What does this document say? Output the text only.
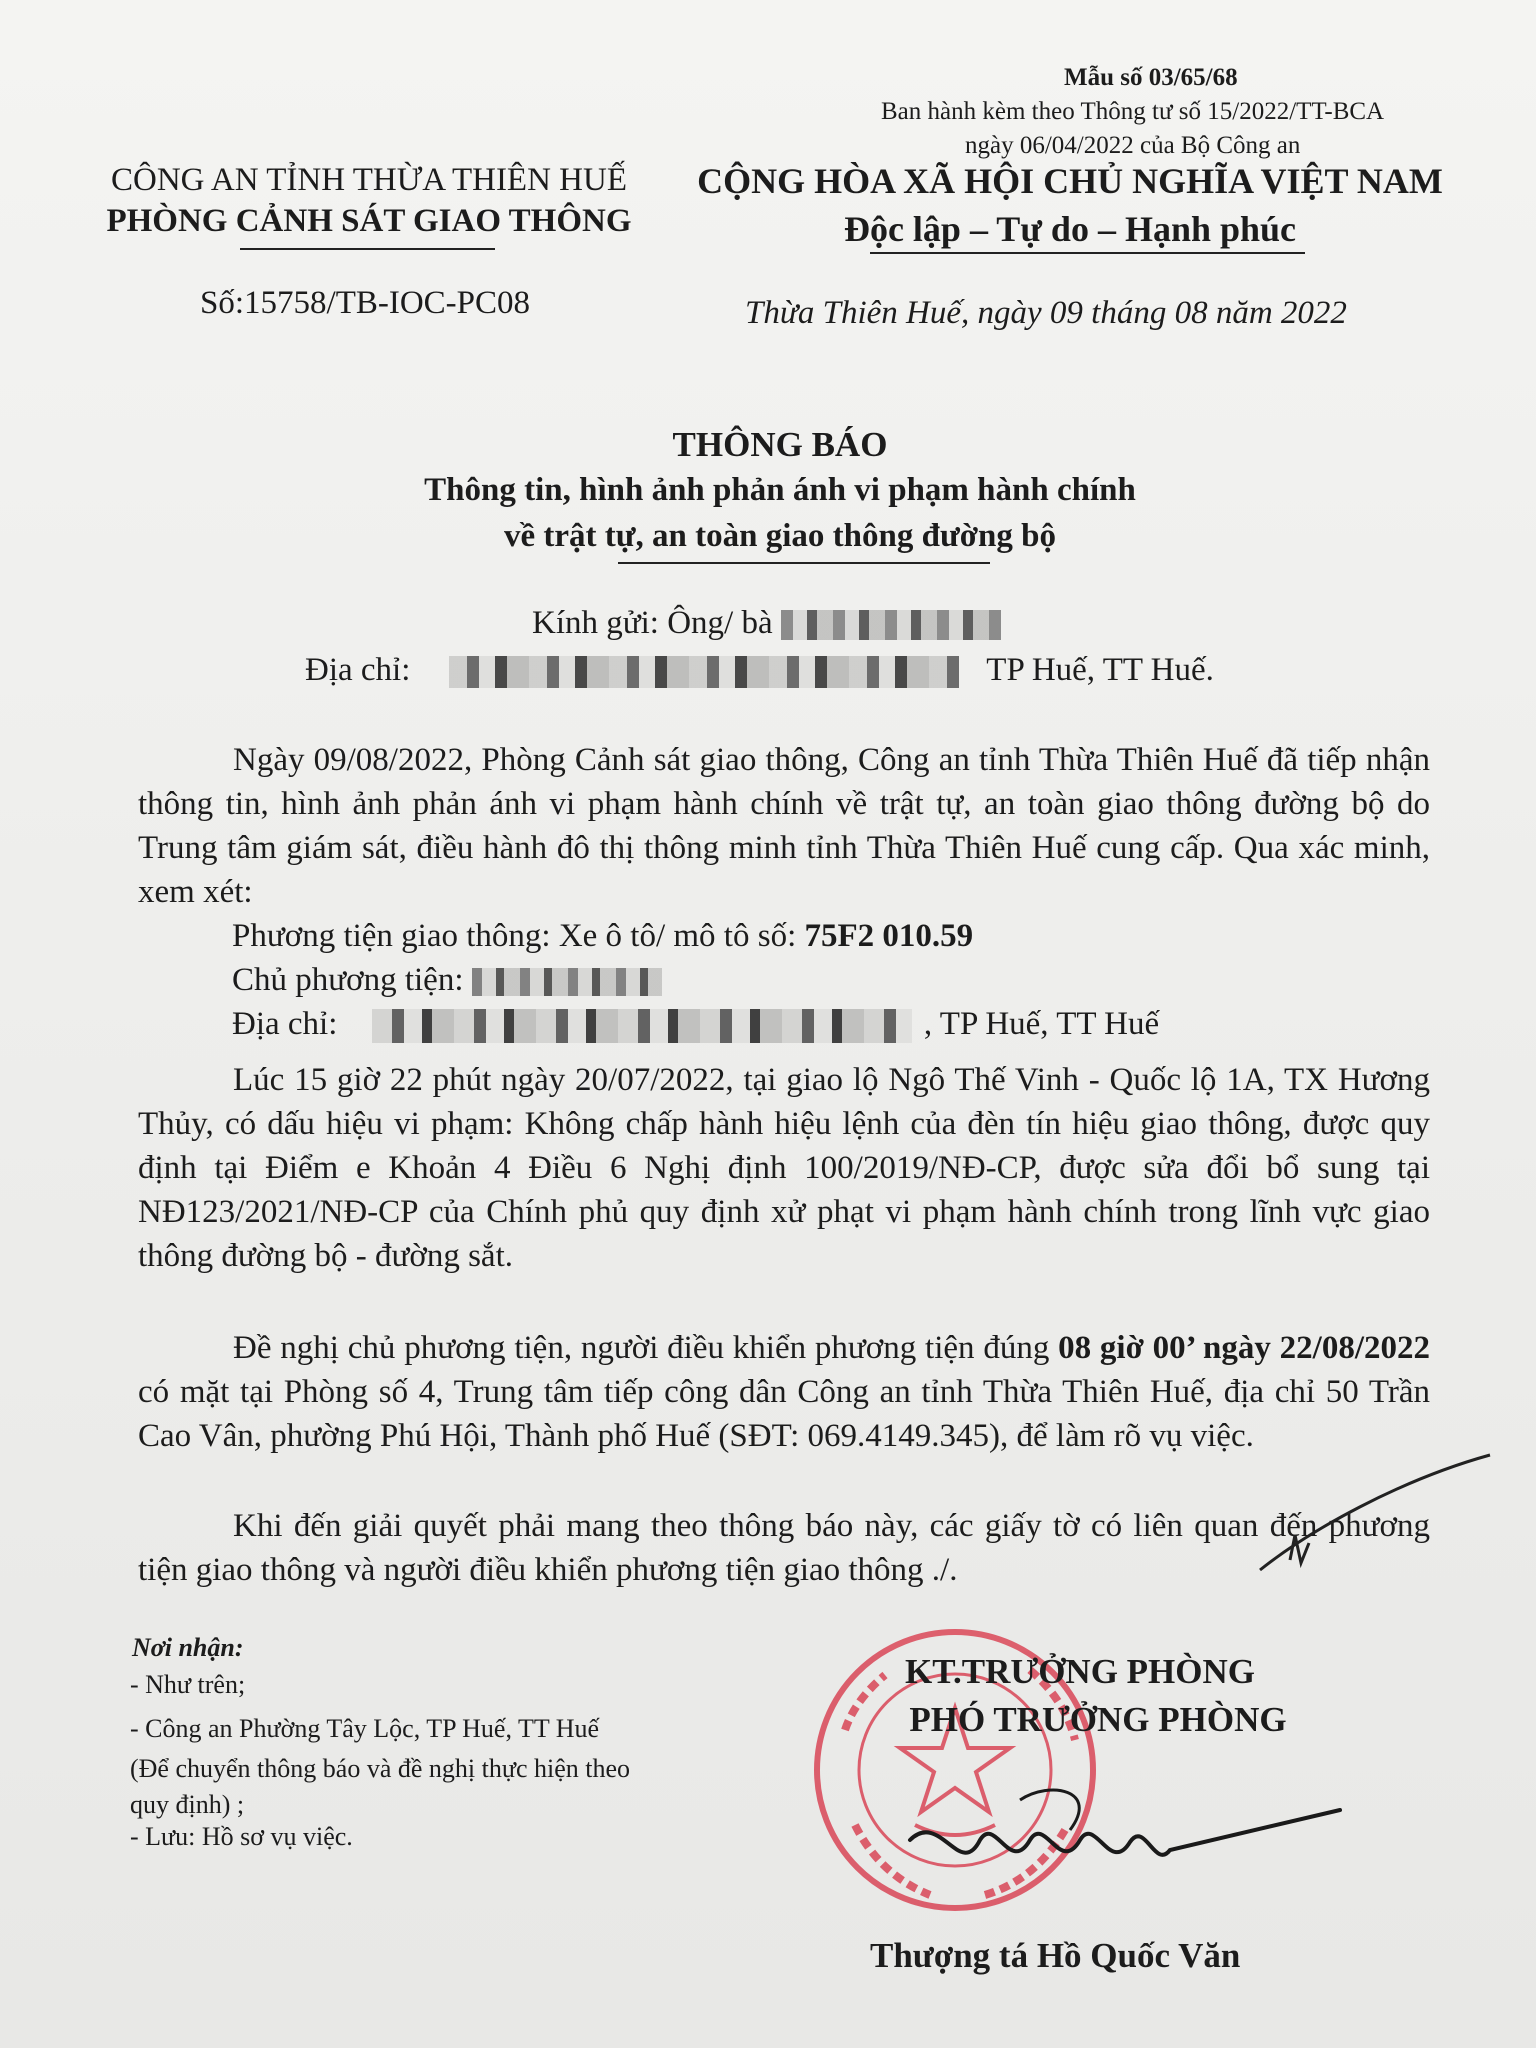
Mẫu số 03/65/68
Ban hành kèm theo Thông tư số 15/2022/TT-BCA
ngày 06/04/2022 của Bộ Công an
CÔNG AN TỈNH THỪA THIÊN HUẾ
PHÒNG CẢNH SÁT GIAO THÔNG
Số:15758/TB-IOC-PC08
CỘNG HÒA XÃ HỘI CHỦ NGHĨA VIỆT NAM
Độc lập – Tự do – Hạnh phúc
Thừa Thiên Huế, ngày 09 tháng 08 năm 2022
THÔNG BÁO
Thông tin, hình ảnh phản ánh vi phạm hành chính
về trật tự, an toàn giao thông đường bộ
Kính gửi: Ông/ bà
Địa chỉ:	TP Huế, TT Huế.
Ngày 09/08/2022, Phòng Cảnh sát giao thông, Công an tỉnh Thừa Thiên Huế đã tiếp nhận thông tin, hình ảnh phản ánh vi phạm hành chính về trật tự, an toàn giao thông đường bộ do Trung tâm giám sát, điều hành đô thị thông minh tỉnh Thừa Thiên Huế cung cấp. Qua xác minh, xem xét:
Phương tiện giao thông: Xe ô tô/ mô tô số: 75F2 010.59
Chủ phương tiện:
Địa chỉ:	, TP Huế, TT Huế
Lúc 15 giờ 22 phút ngày 20/07/2022, tại giao lộ Ngô Thế Vinh - Quốc lộ 1A, TX Hương Thủy, có dấu hiệu vi phạm: Không chấp hành hiệu lệnh của đèn tín hiệu giao thông, được quy định tại Điểm e Khoản 4 Điều 6 Nghị định 100/2019/NĐ-CP, được sửa đổi bổ sung tại NĐ123/2021/NĐ-CP của Chính phủ quy định xử phạt vi phạm hành chính trong lĩnh vực giao thông đường bộ - đường sắt.
Đề nghị chủ phương tiện, người điều khiển phương tiện đúng 08 giờ 00’ ngày 22/08/2022 có mặt tại Phòng số 4, Trung tâm tiếp công dân Công an tỉnh Thừa Thiên Huế, địa chỉ 50 Trần Cao Vân, phường Phú Hội, Thành phố Huế (SĐT: 069.4149.345), để làm rõ vụ việc.
Khi đến giải quyết phải mang theo thông báo này, các giấy tờ có liên quan đến phương tiện giao thông và người điều khiển phương tiện giao thông ./.
Nơi nhận:
- Như trên;
- Công an Phường Tây Lộc, TP Huế, TT Huế
(Để chuyển thông báo và đề nghị thực hiện theo
quy định) ;
- Lưu: Hồ sơ vụ việc.
KT.TRƯỞNG PHÒNG
PHÓ TRƯỞNG PHÒNG
Thượng tá Hồ Quốc Văn
